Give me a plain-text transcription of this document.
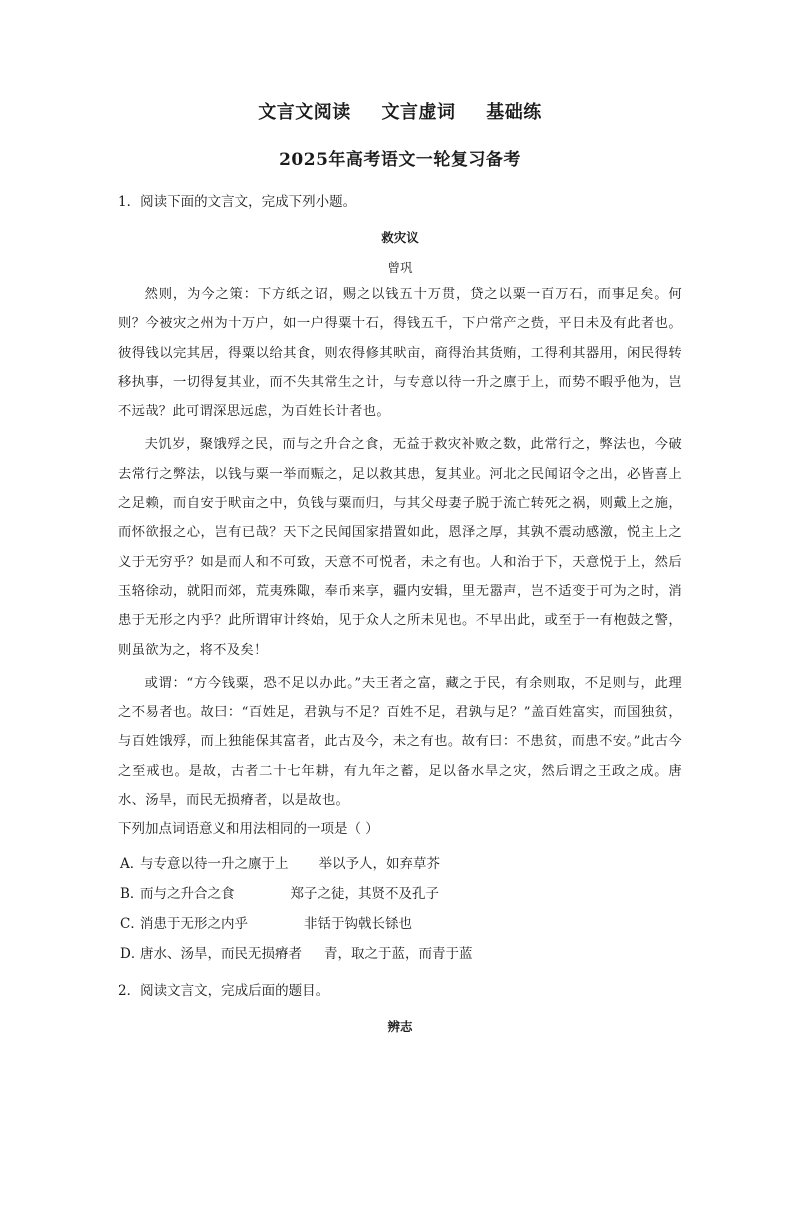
文言文阅读 文言虚词 基础练
2025年高考语文一轮复习备考
1．阅读下面的文言文，完成下列小题。
救灾议
曾巩

然则，为今之策：下方纸之诏，赐之以钱五十万贯，贷之以粟一百万石，而事足矣。何则？今被灾之州为十万户，如一户得粟十石，得钱五千，下户常产之赀，平日未及有此者也。彼得钱以完其居，得粟以给其食，则农得修其畎亩，商得治其货贿，工得利其器用，闲民得转移执事，一切得复其业，而不失其常生之计，与专意以待一升之廪于上，而势不暇乎他为，岂不远哉？此可谓深思远虑，为百姓长计者也。

夫饥岁，聚饿殍之民，而与之升合之食，无益于救灾补败之数，此常行之，弊法也，今破去常行之弊法，以钱与粟一举而赈之，足以救其患，复其业。河北之民闻诏令之出，必皆喜上之足赖，而自安于畎亩之中，负钱与粟而归，与其父母妻子脱于流亡转死之祸，则戴上之施，而怀欲报之心，岂有已哉？天下之民闻国家措置如此，恩泽之厚，其孰不震动感激，悦主上之义于无穷乎？如是而人和不可致，天意不可悦者，未之有也。人和治于下，天意悦于上，然后玉辂徐动，就阳而郊，荒夷殊陬，奉币来享，疆内安辑，里无嚣声，岂不适变于可为之时，消患于无形之内乎？此所谓审计终始，见于众人之所未见也。不早出此，或至于一有枹鼓之警，则虽欲为之，将不及矣！

或谓：“方今钱粟，恐不足以办此。”夫王者之富，藏之于民，有余则取，不足则与，此理之不易者也。故曰：“百姓足，君孰与不足？百姓不足，君孰与足？”盖百姓富实，而国独贫，与百姓饿殍，而上独能保其富者，此古及今，未之有也。故有曰：不患贫，而患不安。”此古今之至戒也。是故，古者二十七年耕，有九年之蓄，足以备水旱之灾，然后谓之王政之成。唐水、汤旱，而民无损瘠者，以是故也。

下列加点词语意义和用法相同的一项是（ ）
A．与专意以待一升之廪于上 举以予人，如弃草芥
B．而与之升合之食	郑子之徒，其贤不及孔子
C．消患于无形之内乎	非铦于钩戟长铩也
D．唐水、汤旱，而民无损瘠者 青，取之于蓝，而青于蓝
2．阅读文言文，完成后面的题目。
辨志
